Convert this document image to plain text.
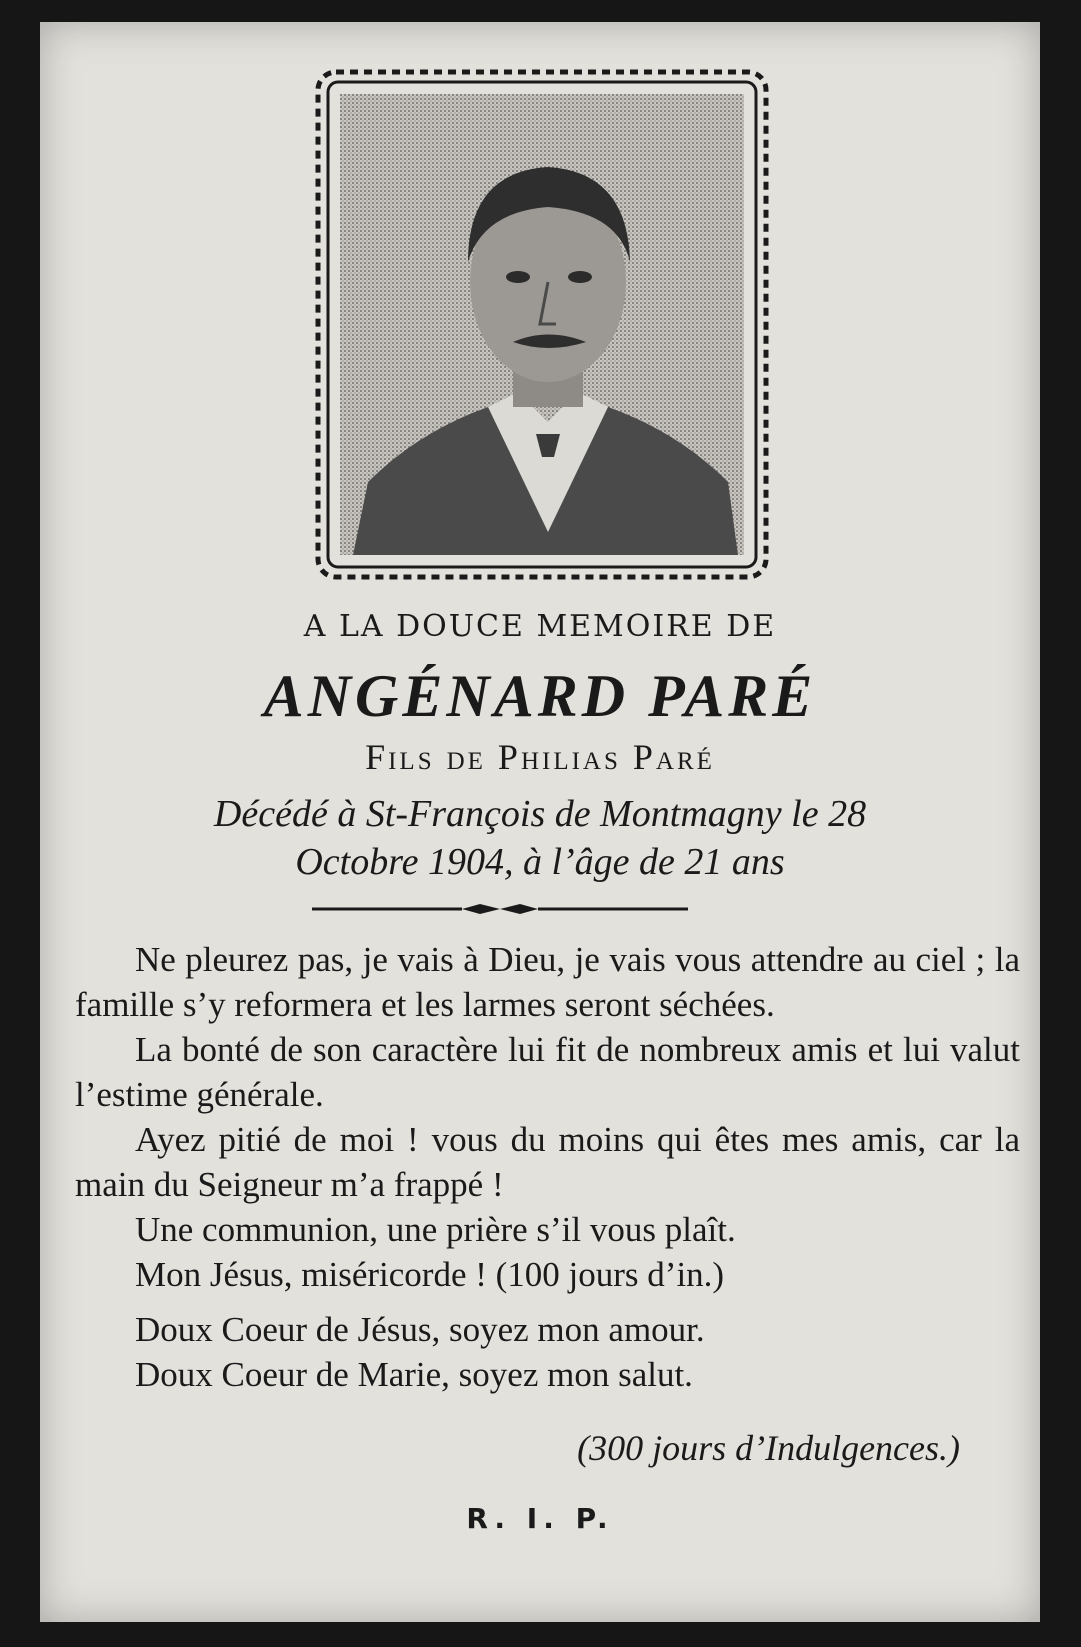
A LA DOUCE MEMOIRE DE
ANGÉNARD PARÉ
Fils de Philias Paré
Décédé à St-François de Montmagny le 28
Octobre 1904, à l’âge de 21 ans
Ne pleurez pas, je vais à Dieu, je vais vous attendre au ciel ; la famille s’y reformera et les larmes seront séchées.
La bonté de son caractère lui fit de nombreux amis et lui valut l’estime générale.
Ayez pitié de moi ! vous du moins qui êtes mes amis, car la main du Seigneur m’a frappé !
Une communion, une prière s’il vous plaît.
Mon Jésus, miséricorde ! (100 jours d’in.)
Doux Coeur de Jésus, soyez mon amour.
Doux Coeur de Marie, soyez mon salut.
(300 jours d’Indulgences.)
R. I. P.
